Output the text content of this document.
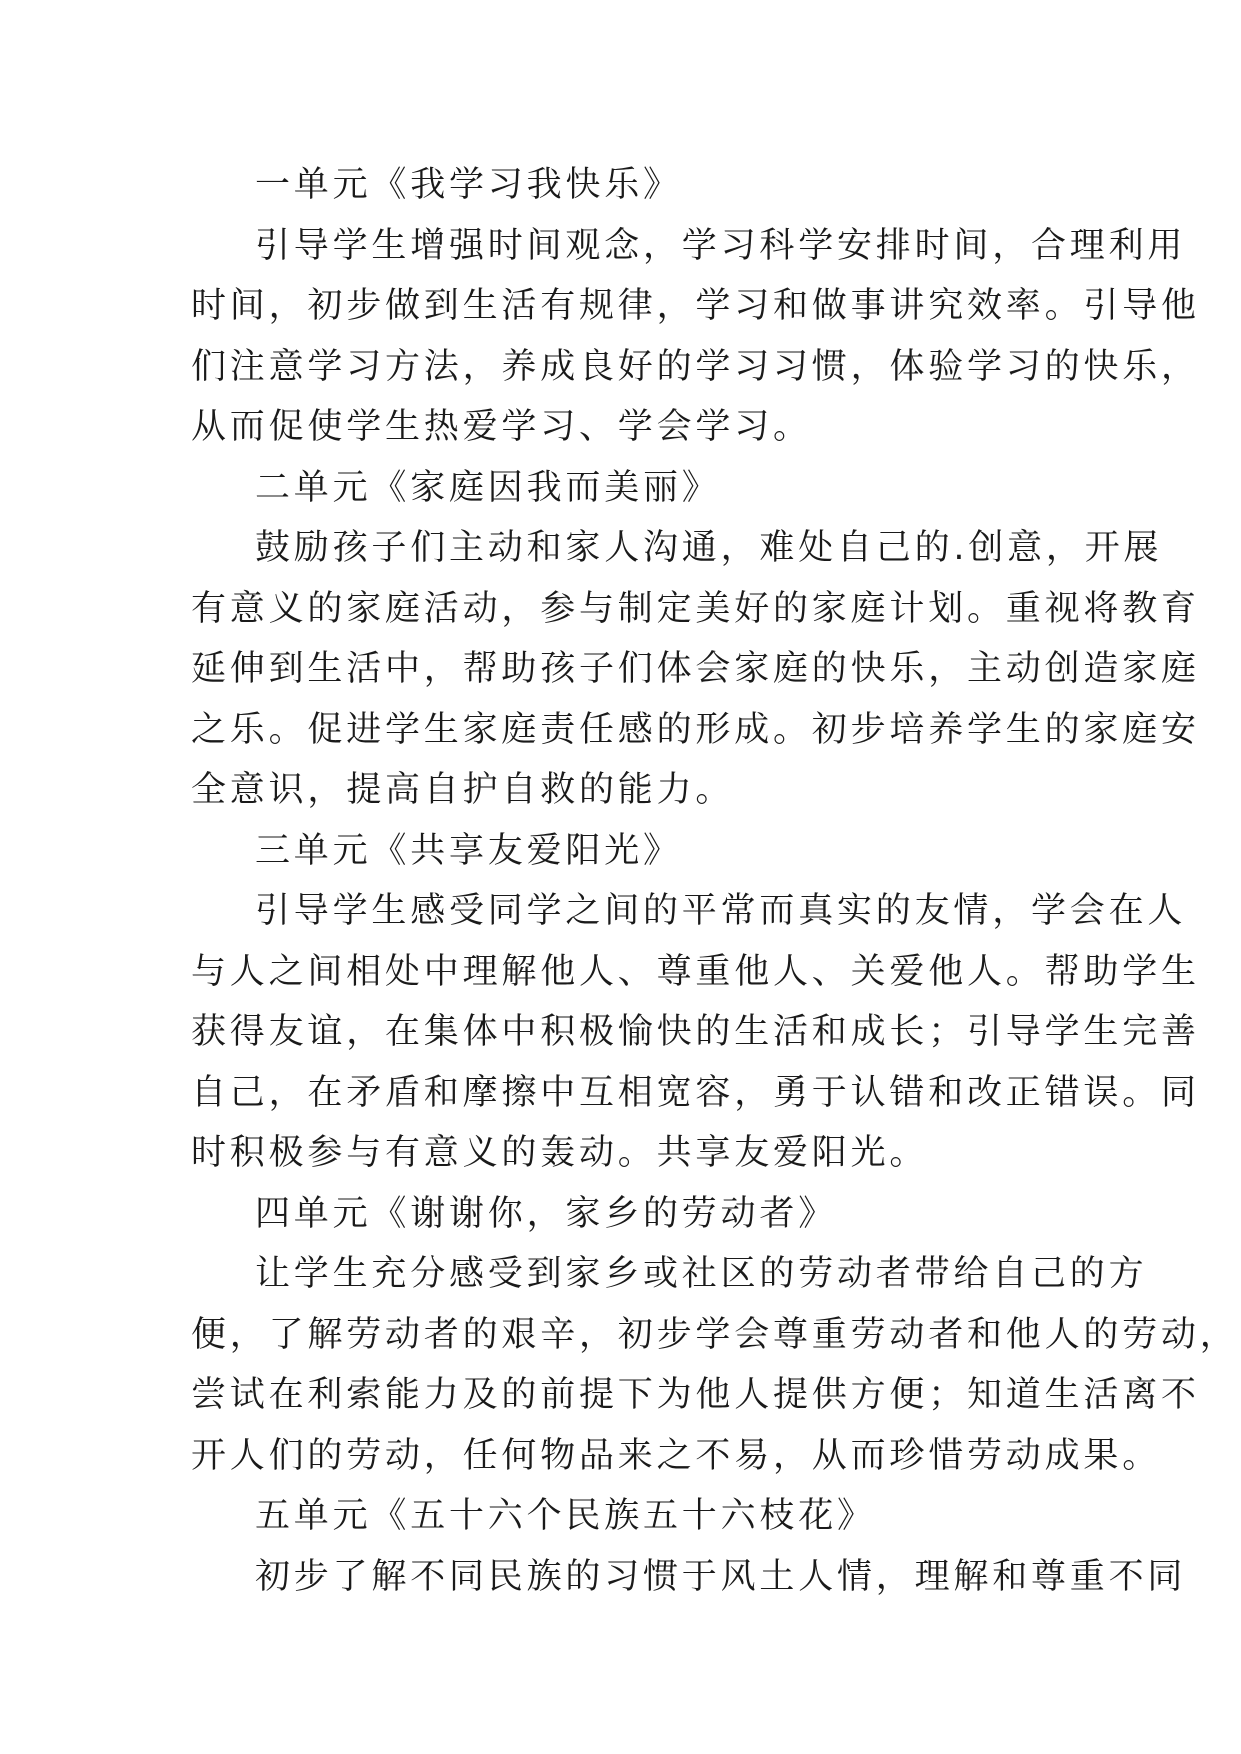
一单元《我学习我快乐》
引导学生增强时间观念，学习科学安排时间，合理利用
时间，初步做到生活有规律，学习和做事讲究效率。引导他
们注意学习方法，养成良好的学习习惯，体验学习的快乐，
从而促使学生热爱学习、学会学习。
二单元《家庭因我而美丽》
鼓励孩子们主动和家人沟通，难处自己的.创意，开展
有意义的家庭活动，参与制定美好的家庭计划。重视将教育
延伸到生活中，帮助孩子们体会家庭的快乐，主动创造家庭
之乐。促进学生家庭责任感的形成。初步培养学生的家庭安
全意识，提高自护自救的能力。
三单元《共享友爱阳光》
引导学生感受同学之间的平常而真实的友情，学会在人
与人之间相处中理解他人、尊重他人、关爱他人。帮助学生
获得友谊，在集体中积极愉快的生活和成长；引导学生完善
自己，在矛盾和摩擦中互相宽容，勇于认错和改正错误。同
时积极参与有意义的轰动。共享友爱阳光。
四单元《谢谢你，家乡的劳动者》
让学生充分感受到家乡或社区的劳动者带给自己的方
便，了解劳动者的艰辛，初步学会尊重劳动者和他人的劳动，
尝试在利索能力及的前提下为他人提供方便；知道生活离不
开人们的劳动，任何物品来之不易，从而珍惜劳动成果。
五单元《五十六个民族五十六枝花》
初步了解不同民族的习惯于风土人情，理解和尊重不同
